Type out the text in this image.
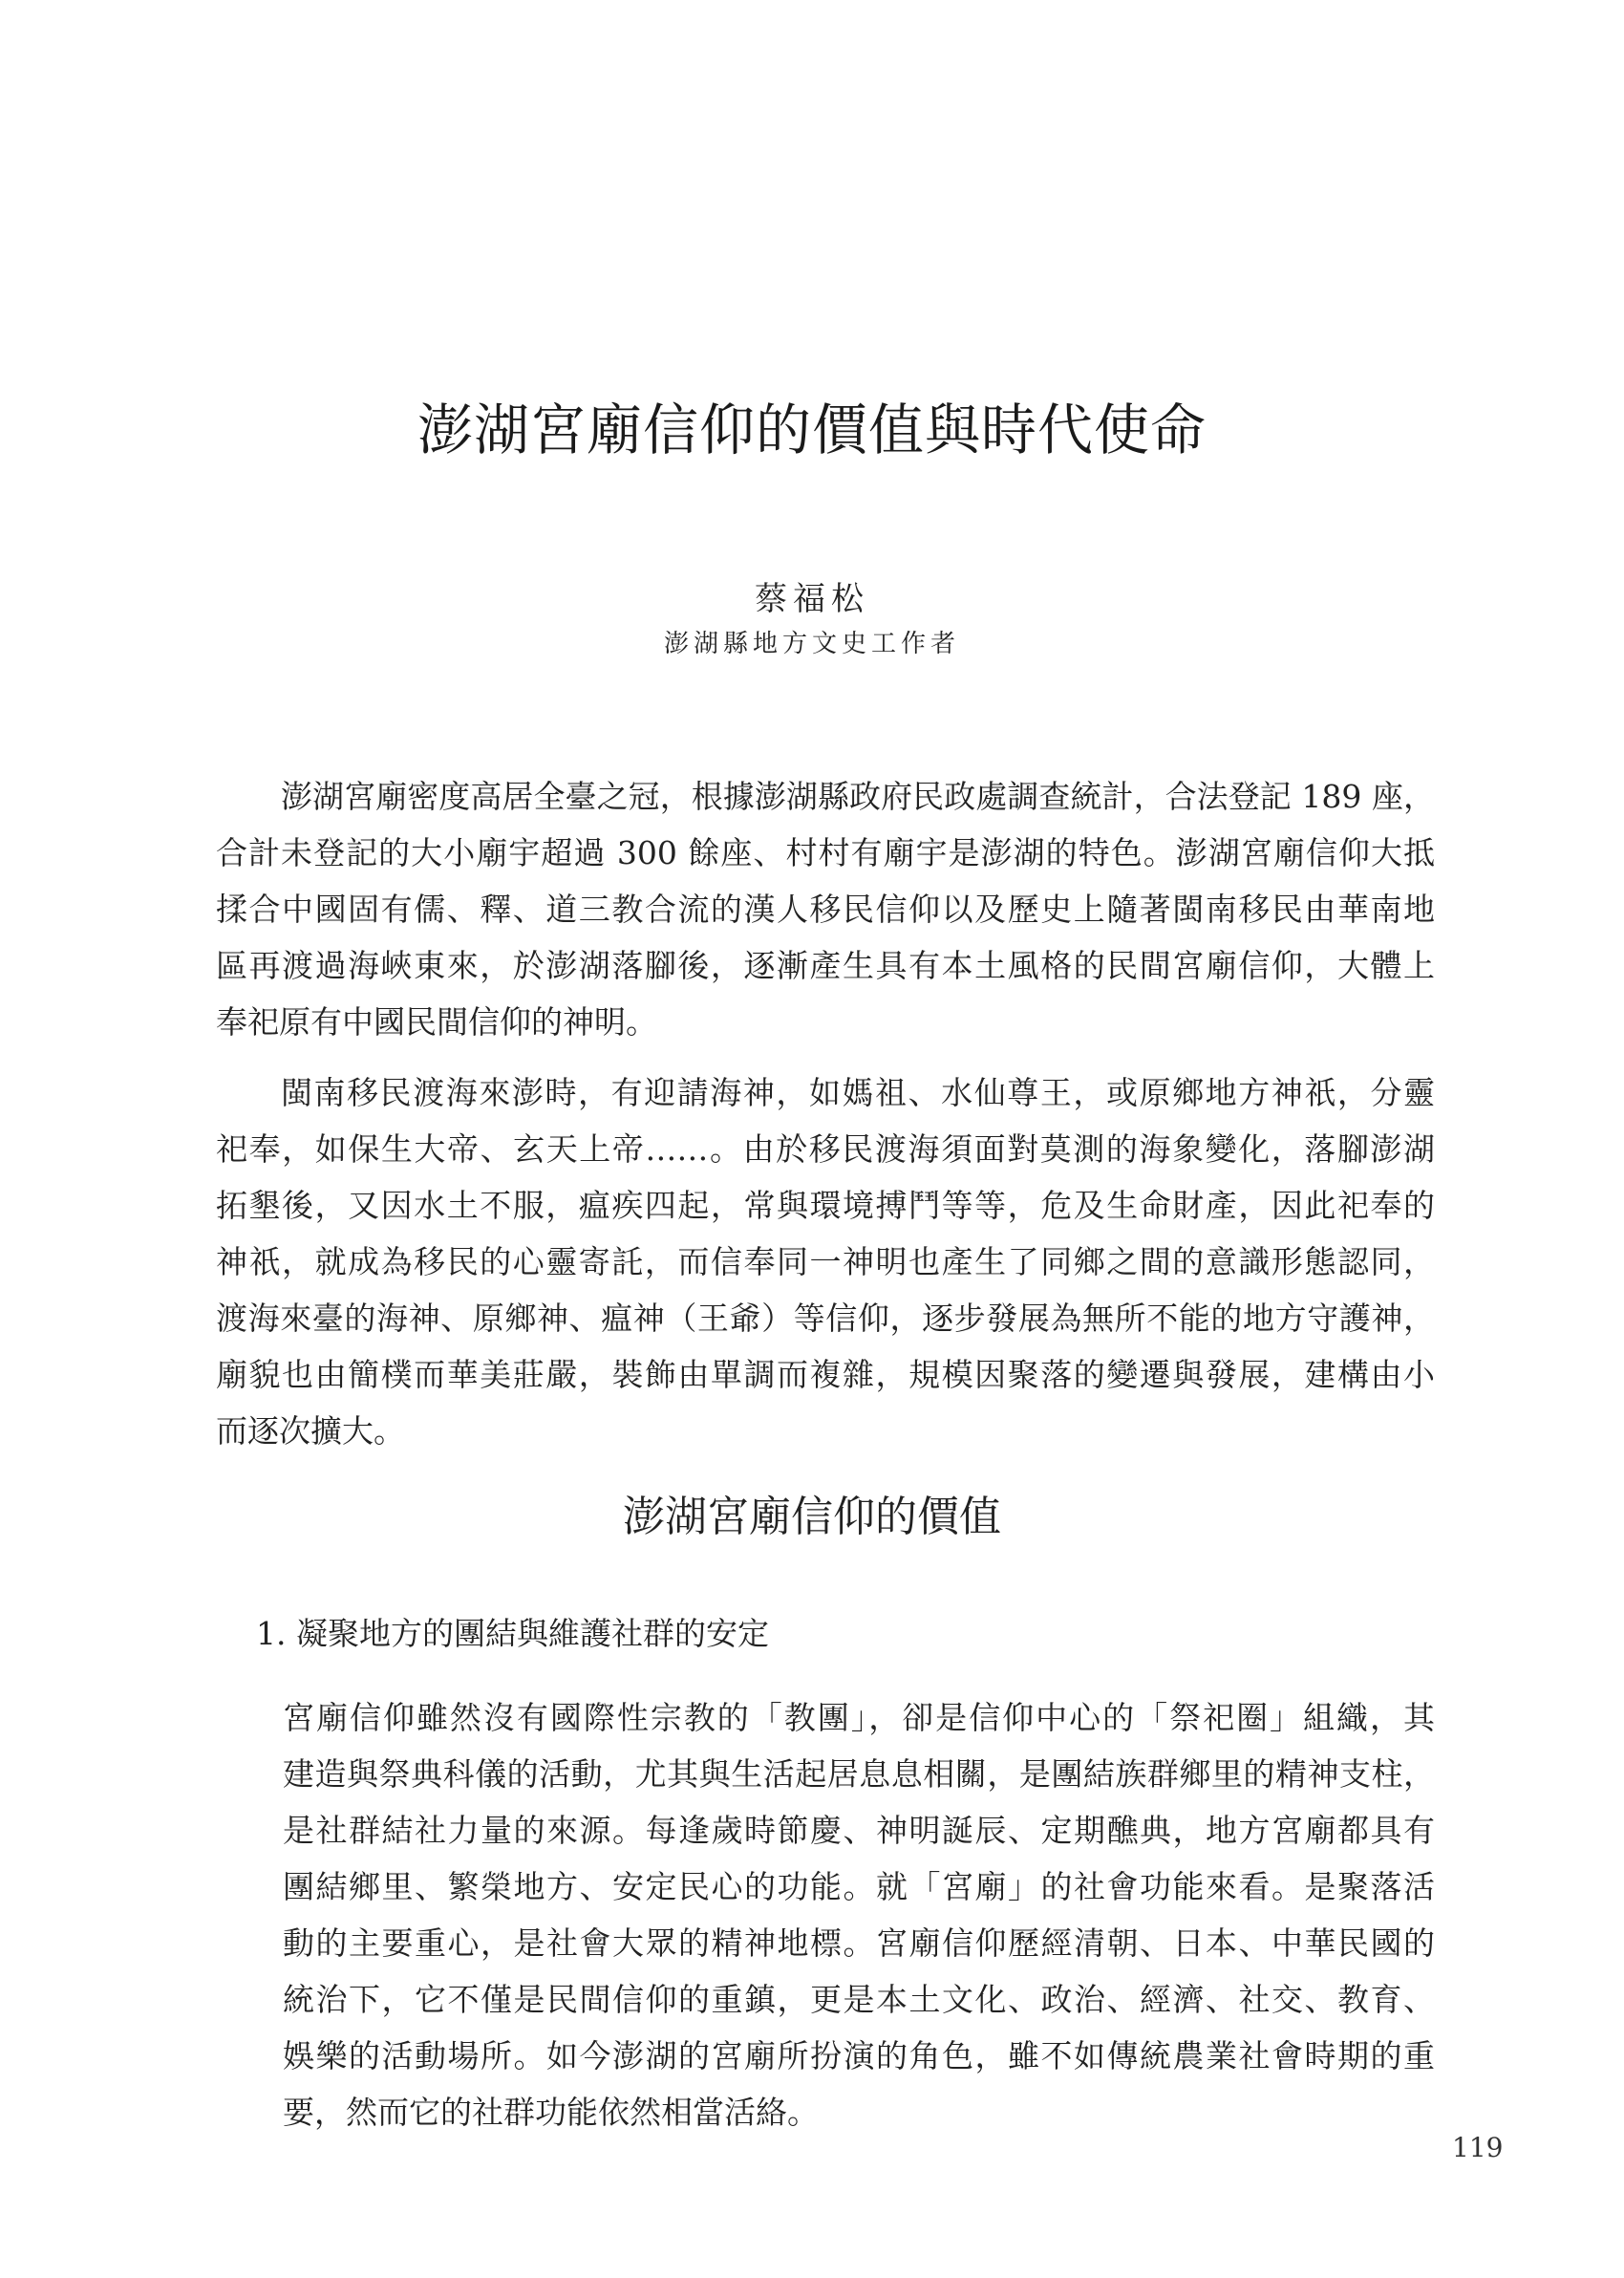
澎湖宮廟信仰的價值與時代使命
蔡福松
澎湖縣地方文史工作者
澎湖宮廟密度高居全臺之冠，根據澎湖縣政府民政處調查統計，合法登記 189 座，
合計未登記的大小廟宇超過 300 餘座、村村有廟宇是澎湖的特色。澎湖宮廟信仰大抵
揉合中國固有儒、釋、道三教合流的漢人移民信仰以及歷史上隨著閩南移民由華南地
區再渡過海峽東來，於澎湖落腳後，逐漸產生具有本土風格的民間宮廟信仰，大體上
奉祀原有中國民間信仰的神明。
閩南移民渡海來澎時，有迎請海神，如媽祖、水仙尊王，或原鄉地方神祇，分靈
祀奉，如保生大帝、玄天上帝……。由於移民渡海須面對莫測的海象變化，落腳澎湖
拓墾後，又因水土不服，瘟疾四起，常與環境搏鬥等等，危及生命財產，因此祀奉的
神祇，就成為移民的心靈寄託，而信奉同一神明也產生了同鄉之間的意識形態認同，
渡海來臺的海神、原鄉神、瘟神（王爺）等信仰，逐步發展為無所不能的地方守護神，
廟貌也由簡樸而華美莊嚴，裝飾由單調而複雜，規模因聚落的變遷與發展，建構由小
而逐次擴大。
澎湖宮廟信仰的價值
1. 凝聚地方的團結與維護社群的安定
宮廟信仰雖然沒有國際性宗教的「教團」，卻是信仰中心的「祭祀圈」組織，其
建造與祭典科儀的活動，尤其與生活起居息息相關，是團結族群鄉里的精神支柱，
是社群結社力量的來源。每逢歲時節慶、神明誕辰、定期醮典，地方宮廟都具有
團結鄉里、繁榮地方、安定民心的功能。就「宮廟」的社會功能來看。是聚落活
動的主要重心，是社會大眾的精神地標。宮廟信仰歷經清朝、日本、中華民國的
統治下，它不僅是民間信仰的重鎮，更是本土文化、政治、經濟、社交、教育、
娛樂的活動場所。如今澎湖的宮廟所扮演的角色，雖不如傳統農業社會時期的重
要，然而它的社群功能依然相當活絡。
119
